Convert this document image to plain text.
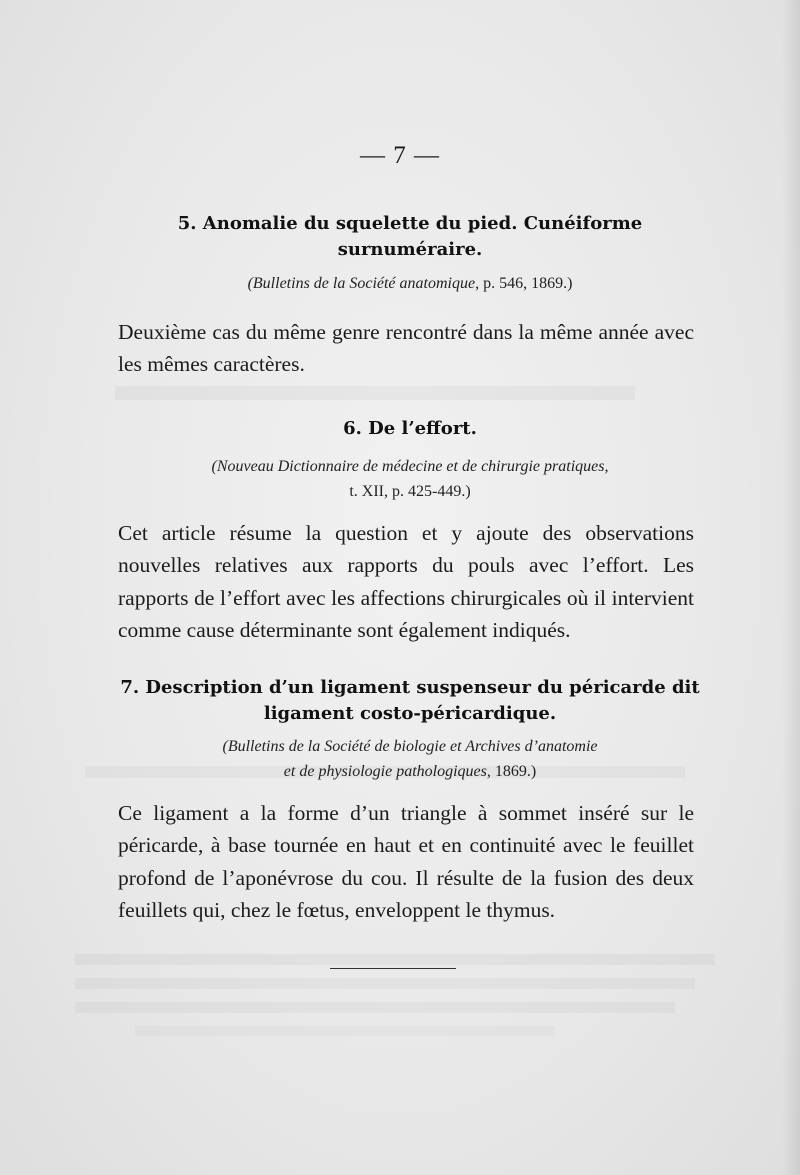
— 7 —
5. Anomalie du squelette du pied. Cunéiforme surnuméraire.
(Bulletins de la Société anatomique, p. 546, 1869.)
Deuxième cas du même genre rencontré dans la même année avec les mêmes caractères.
6. De l’effort.
(Nouveau Dictionnaire de médecine et de chirurgie pratiques,
t. XII, p. 425-449.)
Cet article résume la question et y ajoute des observations nouvelles relatives aux rapports du pouls avec l’effort. Les rapports de l’effort avec les affections chirurgicales où il intervient comme cause déterminante sont également indiqués.
7. Description d’un ligament suspenseur du péricarde dit ligament costo-péricardique.
(Bulletins de la Société de biologie et Archives d’anatomie
et de physiologie pathologiques, 1869.)
Ce ligament a la forme d’un triangle à sommet inséré sur le péricarde, à base tournée en haut et en continuité avec le feuillet profond de l’aponévrose du cou. Il résulte de la fusion des deux feuillets qui, chez le fœtus, enveloppent le thymus.
